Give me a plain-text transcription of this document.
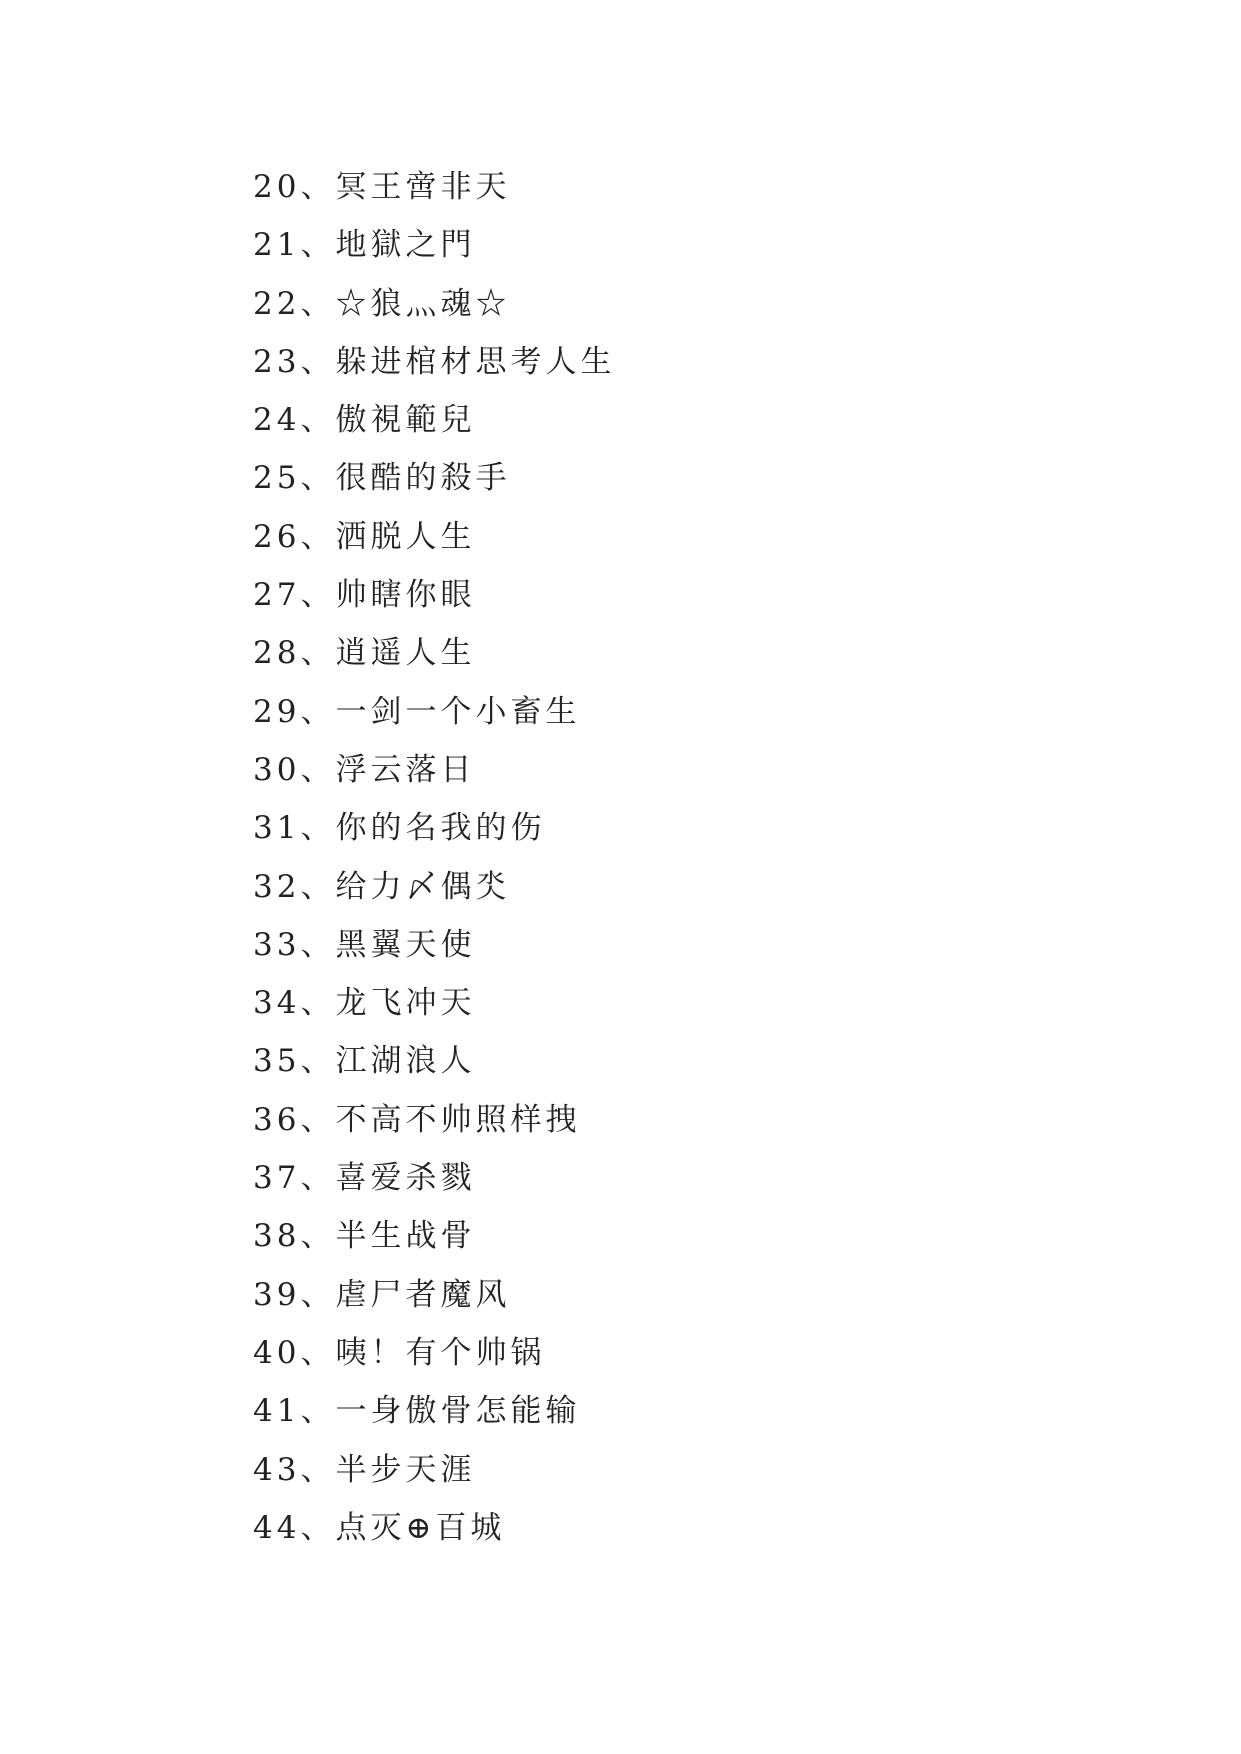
20、冥王啻非天
21、地獄之門
22、☆狼灬魂☆
23、躲进棺材思考人生
24、傲視範兒
25、很酷的殺手
26、洒脱人生
27、帅瞎你眼
28、逍遥人生
29、一剑一个小畜生
30、浮云落日
31、你的名我的伤
32、给力〆偶氼
33、黑翼天使
34、龙飞冲天
35、江湖浪人
36、不高不帅照样拽
37、喜爱杀戮
38、半生战骨
39、虐尸者魔风
40、咦！有个帅锅
41、一身傲骨怎能输
43、半步天涯
44、点灭⊕百城
